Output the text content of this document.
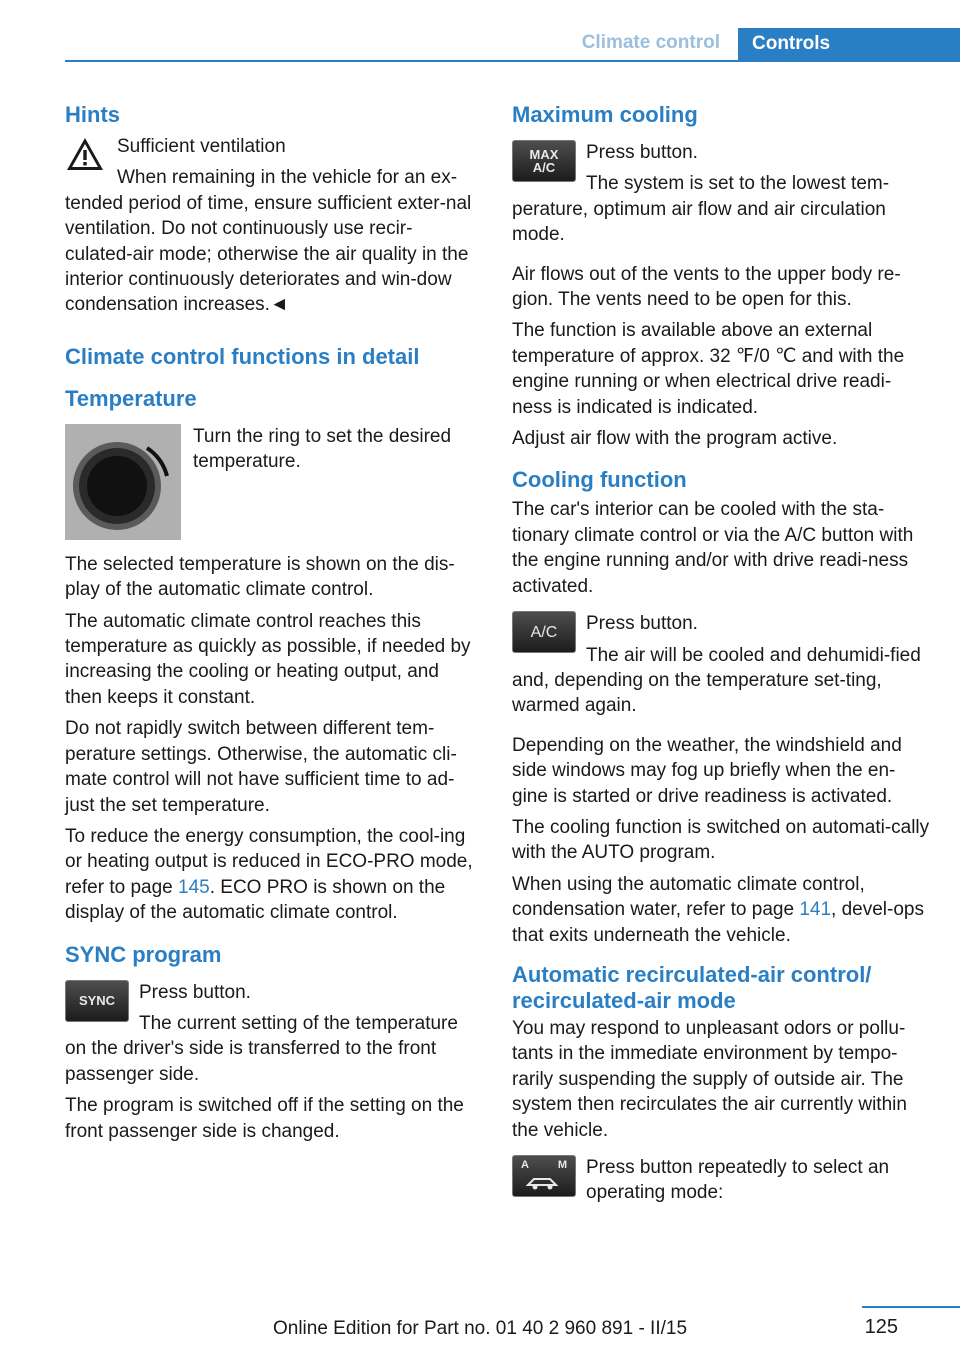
Climate control	Controls
Hints

Sufficient ventilation

When remaining in the vehicle for an ex-tended period of time, ensure sufficient exter-nal ventilation. Do not continuously use recir-culated-air mode; otherwise the air quality in the interior continuously deteriorates and win-dow condensation increases.◄

Climate control functions in detail
Temperature

Turn the ring to set the desired temperature.

The selected temperature is shown on the dis-play of the automatic climate control.

The automatic climate control reaches this temperature as quickly as possible, if needed by increasing the cooling or heating output, and then keeps it constant.

Do not rapidly switch between different tem-perature settings. Otherwise, the automatic cli-mate control will not have sufficient time to ad-just the set temperature.

To reduce the energy consumption, the cool-ing or heating output is reduced in ECO-PRO mode, refer to page 145. ECO PRO is shown on the display of the automatic climate control.

SYNC program
SYNC	Press button.

The current setting of the temperature on the driver's side is transferred to the front passenger side.

The program is switched off if the setting on the front passenger side is changed.

Maximum cooling
MAX
A/C

Press button.

The system is set to the lowest tem-perature, optimum air flow and air circulation mode.

Air flows out of the vents to the upper body re-gion. The vents need to be open for this.

The function is available above an external temperature of approx. 32 ℉/0 ℃ and with the engine running or when electrical drive readi-ness is indicated is indicated.

Adjust air flow with the program active.

Cooling function

The car's interior can be cooled with the sta-tionary climate control or via the A/C button with the engine running and/or with drive readi-ness activated.

A/C	Press button.

The air will be cooled and dehumidi-fied and, depending on the temperature set-ting, warmed again.

Depending on the weather, the windshield and side windows may fog up briefly when the en-gine is started or drive readiness is activated.

The cooling function is switched on automati-cally with the AUTO program.

When using the automatic climate control, condensation water, refer to page 141, devel-ops that exits underneath the vehicle.

Automatic recirculated-air control/ recirculated-air mode

You may respond to unpleasant odors or pollu-tants in the immediate environment by tempo-rarily suspending the supply of outside air. The system then recirculates the air currently within the vehicle.

A	M	Press button repeatedly to select an operating mode:

125
Online Edition for Part no. 01 40 2 960 891 - II/15
